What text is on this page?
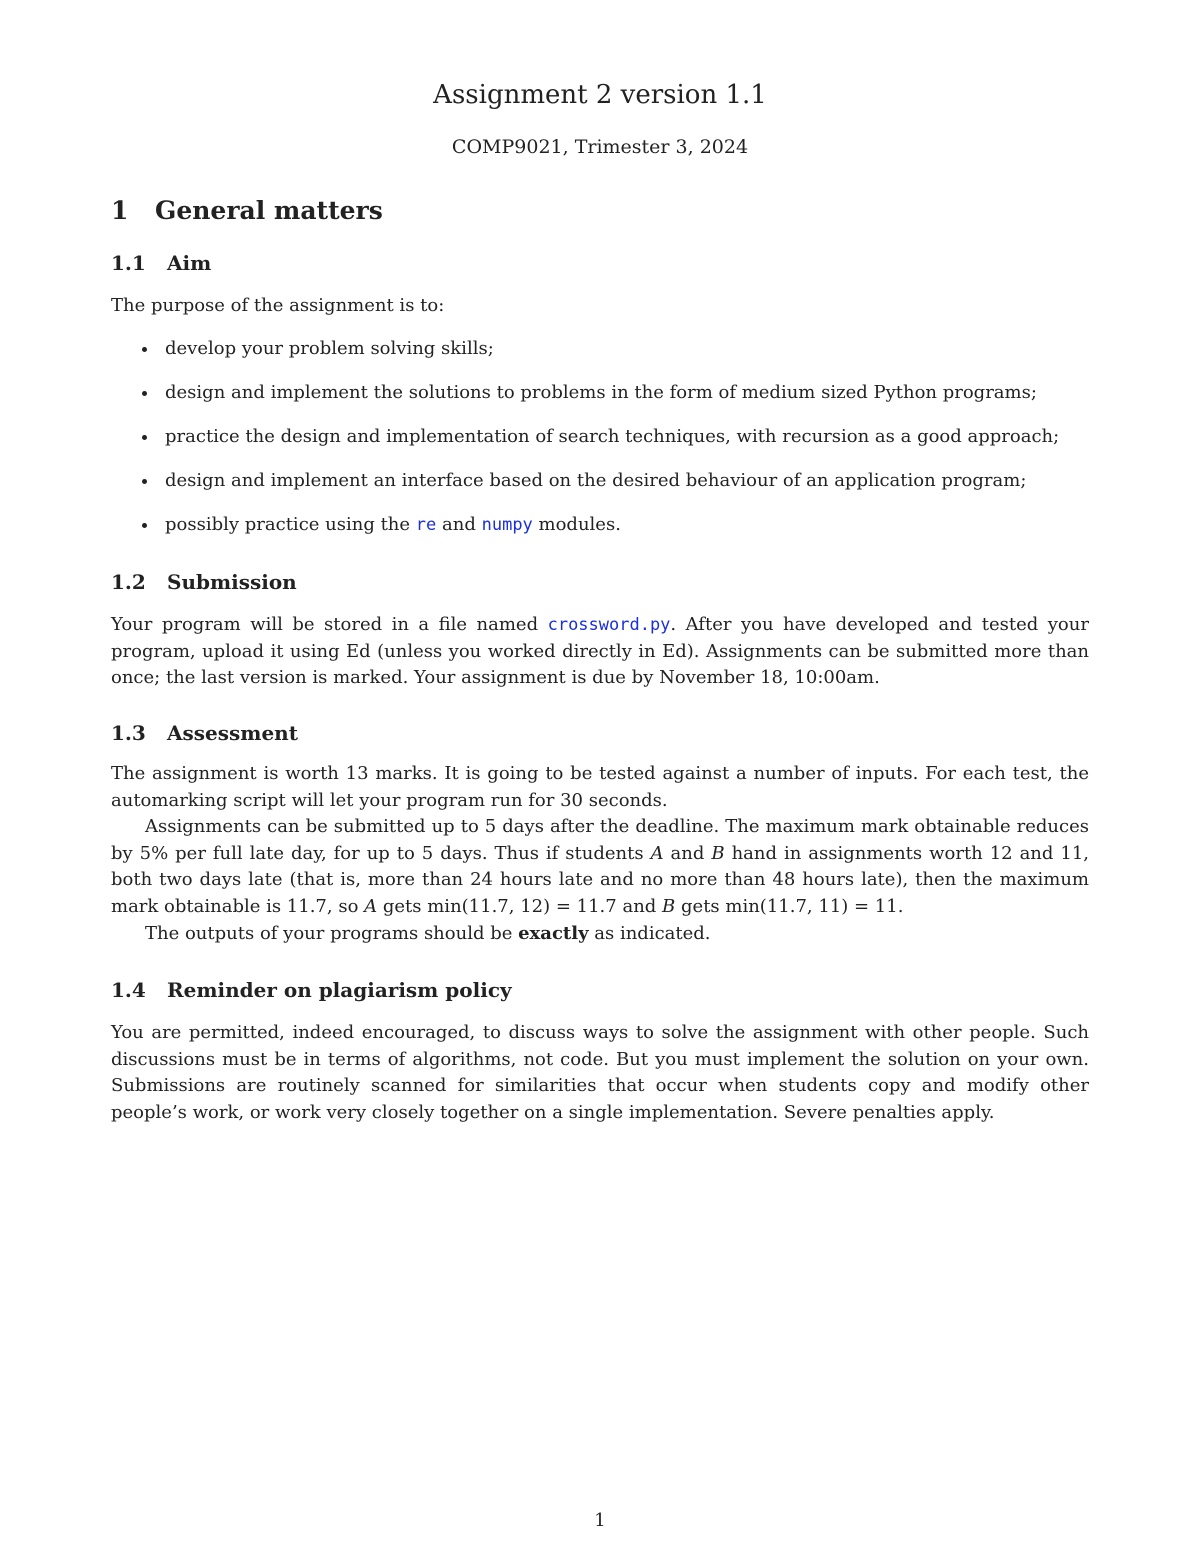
Assignment 2 version 1.1
COMP9021, Trimester 3, 2024
1 General matters
1.1 Aim
The purpose of the assignment is to:
develop your problem solving skills;
design and implement the solutions to problems in the form of medium sized Python programs;
practice the design and implementation of search techniques, with recursion as a good approach;
design and implement an interface based on the desired behaviour of an application program;
possibly practice using the re and numpy modules.
1.2 Submission
Your program will be stored in a file named crossword.py. After you have developed and tested your program, upload it using Ed (unless you worked directly in Ed). Assignments can be submitted more than once; the last version is marked. Your assignment is due by November 18, 10:00am.
1.3 Assessment
The assignment is worth 13 marks. It is going to be tested against a number of inputs. For each test, the automarking script will let your program run for 30 seconds.
Assignments can be submitted up to 5 days after the deadline. The maximum mark obtainable reduces by 5% per full late day, for up to 5 days. Thus if students A and B hand in assignments worth 12 and 11, both two days late (that is, more than 24 hours late and no more than 48 hours late), then the maximum mark obtainable is 11.7, so A gets min(11.7, 12) = 11.7 and B gets min(11.7, 11) = 11.
The outputs of your programs should be exactly as indicated.
1.4 Reminder on plagiarism policy
You are permitted, indeed encouraged, to discuss ways to solve the assignment with other people. Such discussions must be in terms of algorithms, not code. But you must implement the solution on your own. Submissions are routinely scanned for similarities that occur when students copy and modify other people’s work, or work very closely together on a single implementation. Severe penalties apply.
1
